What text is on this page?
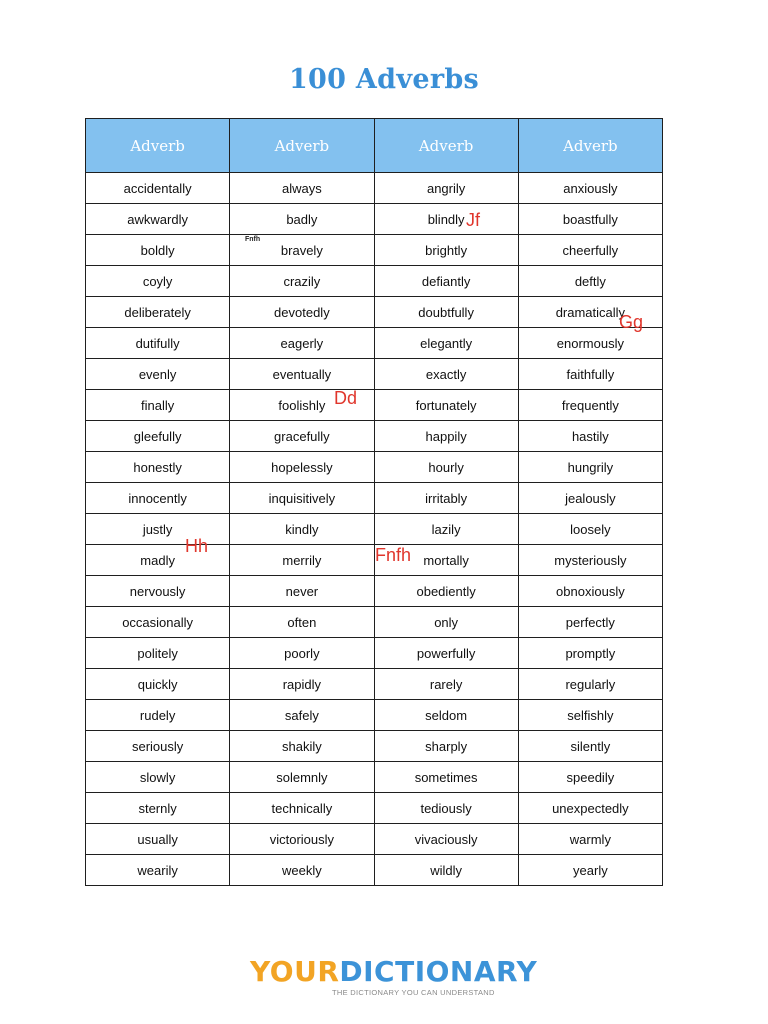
100 Adverbs
Adverb	Adverb	Adverb	Adverb
accidentally	always	angrily	anxiously
awkwardly	badly	blindly	boastfully
boldly	bravely	brightly	cheerfully
coyly	crazily	defiantly	deftly
deliberately	devotedly	doubtfully	dramatically
dutifully	eagerly	elegantly	enormously
evenly	eventually	exactly	faithfully
finally	foolishly	fortunately	frequently
gleefully	gracefully	happily	hastily
honestly	hopelessly	hourly	hungrily
innocently	inquisitively	irritably	jealously
justly	kindly	lazily	loosely
madly	merrily	mortally	mysteriously
nervously	never	obediently	obnoxiously
occasionally	often	only	perfectly
politely	poorly	powerfully	promptly
quickly	rapidly	rarely	regularly
rudely	safely	seldom	selfishly
seriously	shakily	sharply	silently
slowly	solemnly	sometimes	speedily
sternly	technically	tediously	unexpectedly
usually	victoriously	vivaciously	warmly
wearily	weekly	wildly	yearly
Jf
Fnfh
Gg
Dd
Hh	Fnfh
YOURDICTIONARY
THE DICTIONARY YOU CAN UNDERSTAND
